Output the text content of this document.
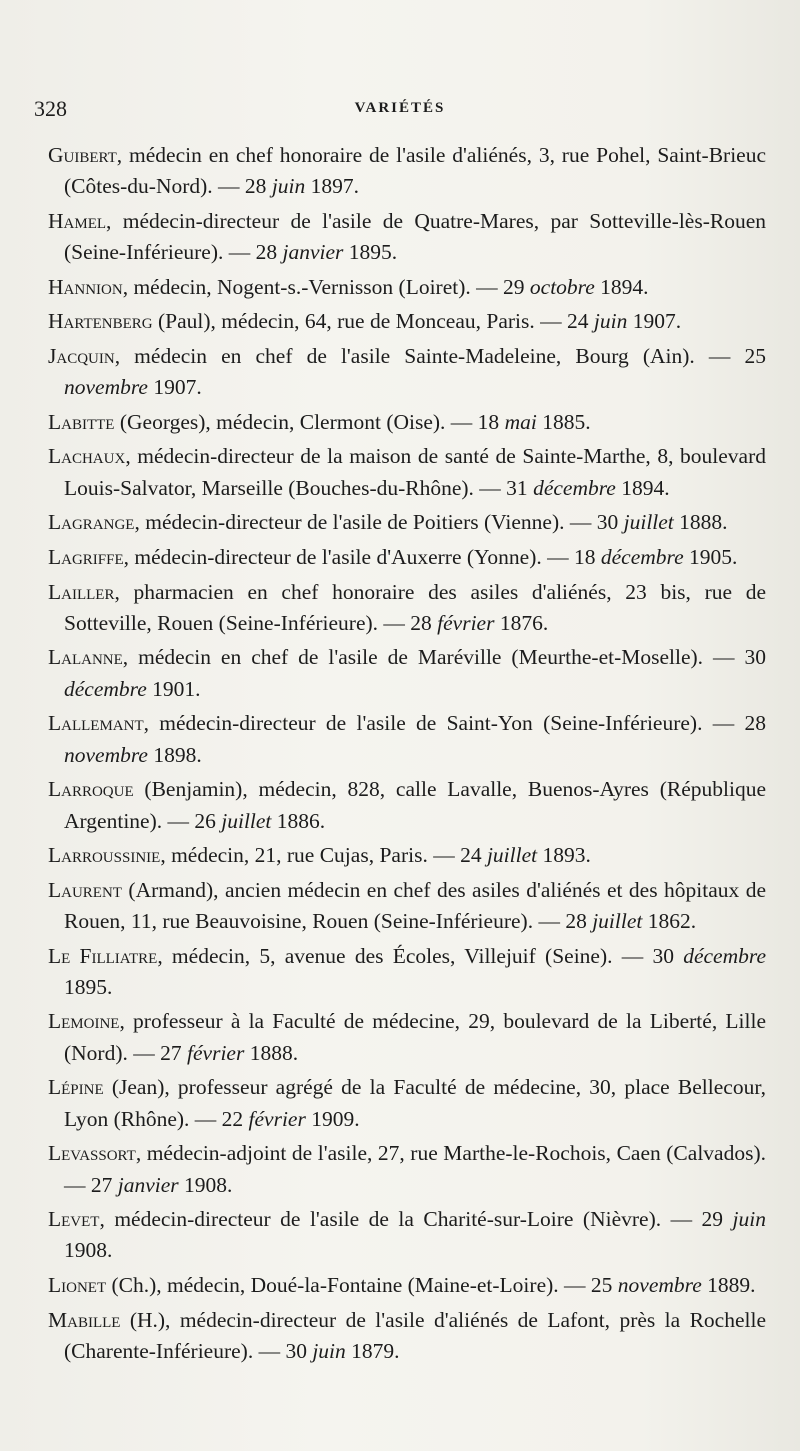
328	VARIÉTÉS

Guibert, médecin en chef honoraire de l'asile d'aliénés, 3, rue Pohel, Saint-Brieuc (Côtes-du-Nord). — 28 juin 1897.

Hamel, médecin-directeur de l'asile de Quatre-Mares, par Sotteville-lès-Rouen (Seine-Inférieure). — 28 janvier 1895.

Hannion, médecin, Nogent-s.-Vernisson (Loiret). — 29 octobre 1894.

Hartenberg (Paul), médecin, 64, rue de Monceau, Paris. — 24 juin 1907.

Jacquin, médecin en chef de l'asile Sainte-Madeleine, Bourg (Ain). — 25 novembre 1907.

Labitte (Georges), médecin, Clermont (Oise). — 18 mai 1885.

Lachaux, médecin-directeur de la maison de santé de Sainte-Marthe, 8, boulevard Louis-Salvator, Marseille (Bouches-du-Rhône). — 31 décembre 1894.

Lagrange, médecin-directeur de l'asile de Poitiers (Vienne). — 30 juillet 1888.

Lagriffe, médecin-directeur de l'asile d'Auxerre (Yonne). — 18 décembre 1905.

Lailler, pharmacien en chef honoraire des asiles d'aliénés, 23 bis, rue de Sotteville, Rouen (Seine-Inférieure). — 28 février 1876.

Lalanne, médecin en chef de l'asile de Maréville (Meurthe-et-Moselle). — 30 décembre 1901.

Lallemant, médecin-directeur de l'asile de Saint-Yon (Seine-Inférieure). — 28 novembre 1898.

Larroque (Benjamin), médecin, 828, calle Lavalle, Buenos-Ayres (République Argentine). — 26 juillet 1886.

Larroussinie, médecin, 21, rue Cujas, Paris. — 24 juillet 1893.

Laurent (Armand), ancien médecin en chef des asiles d'aliénés et des hôpitaux de Rouen, 11, rue Beauvoisine, Rouen (Seine-Inférieure). — 28 juillet 1862.

Le Filliatre, médecin, 5, avenue des Écoles, Villejuif (Seine). — 30 décembre 1895.

Lemoine, professeur à la Faculté de médecine, 29, boulevard de la Liberté, Lille (Nord). — 27 février 1888.

Lépine (Jean), professeur agrégé de la Faculté de médecine, 30, place Bellecour, Lyon (Rhône). — 22 février 1909.

Levassort, médecin-adjoint de l'asile, 27, rue Marthe-le-Rochois, Caen (Calvados). — 27 janvier 1908.

Levet, médecin-directeur de l'asile de la Charité-sur-Loire (Nièvre). — 29 juin 1908.

Lionet (Ch.), médecin, Doué-la-Fontaine (Maine-et-Loire). — 25 novembre 1889.

Mabille (H.), médecin-directeur de l'asile d'aliénés de Lafont, près la Rochelle (Charente-Inférieure). — 30 juin 1879.
